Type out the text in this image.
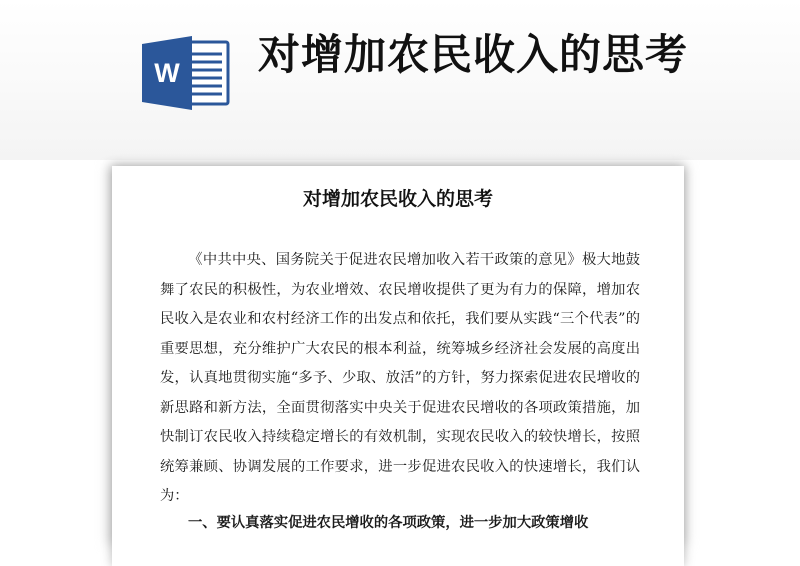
W 对增加农民收入的思考
对增加农民收入的思考

《中共中央、国务院关于促进农民增加收入若干政策的意见》极大地鼓舞了农民的积极性，为农业增效、农民增收提供了更为有力的保障，增加农民收入是农业和农村经济工作的出发点和依托，我们要从实践“三个代表”的重要思想，充分维护广大农民的根本利益，统筹城乡经济社会发展的高度出发，认真地贯彻实施“多予、少取、放活”的方针，努力探索促进农民增收的新思路和新方法，全面贯彻落实中央关于促进农民增收的各项政策措施，加快制订农民收入持续稳定增长的有效机制，实现农民收入的较快增长，按照统筹兼顾、协调发展的工作要求，进一步促进农民收入的快速增长，我们认为：

一、要认真落实促进农民增收的各项政策，进一步加大政策增收
